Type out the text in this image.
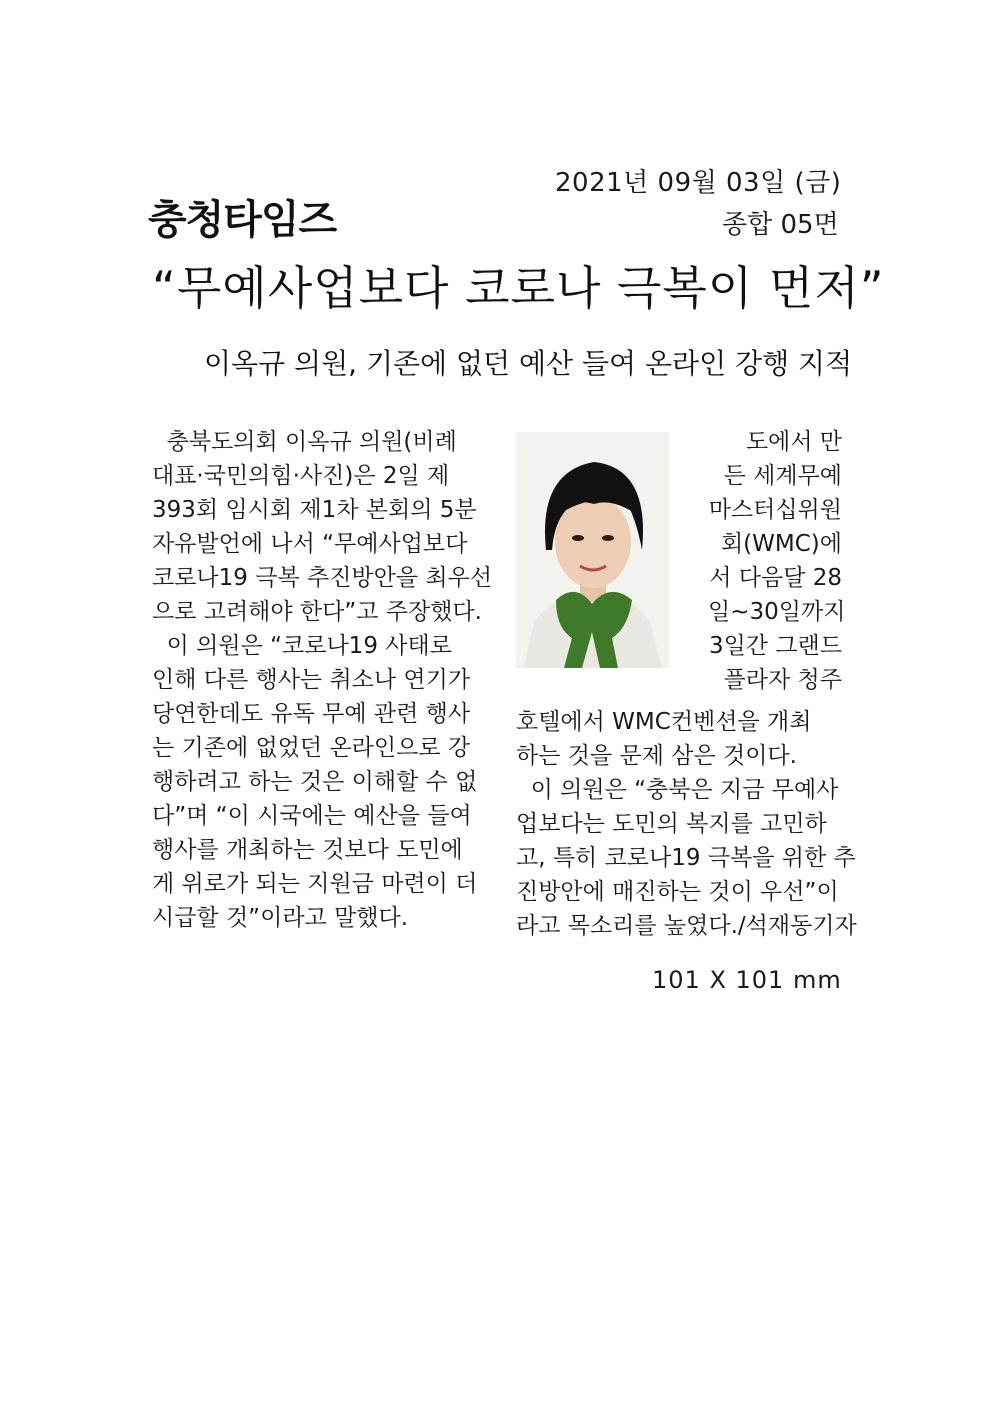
2021년 09월 03일 (금)
충청타임즈	종합 05면
“무예사업보다 코로나 극복이 먼저”
이옥규 의원, 기존에 없던 예산 들여 온라인 강행 지적
충북도의회 이옥규 의원(비례
대표·국민의힘·사진)은 2일 제
393회 임시회 제1차 본회의 5분
자유발언에 나서 “무예사업보다
코로나19 극복 추진방안을 최우선
으로 고려해야 한다”고 주장했다.
이 의원은 “코로나19 사태로
인해 다른 행사는 취소나 연기가
당연한데도 유독 무예 관련 행사
는 기존에 없었던 온라인으로 강
행하려고 하는 것은 이해할 수 없
다”며 “이 시국에는 예산을 들여
행사를 개최하는 것보다 도민에
게 위로가 되는 지원금 마련이 더
시급할 것”이라고 말했다.
도에서 만
든 세계무예
마스터십위원
회(WMC)에
서 다음달 28
일~30일까지
3일간 그랜드
플라자 청주
호텔에서 WMC컨벤션을 개최
하는 것을 문제 삼은 것이다.
이 의원은 “충북은 지금 무예사
업보다는 도민의 복지를 고민하
고, 특히 코로나19 극복을 위한 추
진방안에 매진하는 것이 우선”이
라고 목소리를 높였다./석재동기자
101 X 101 mm
